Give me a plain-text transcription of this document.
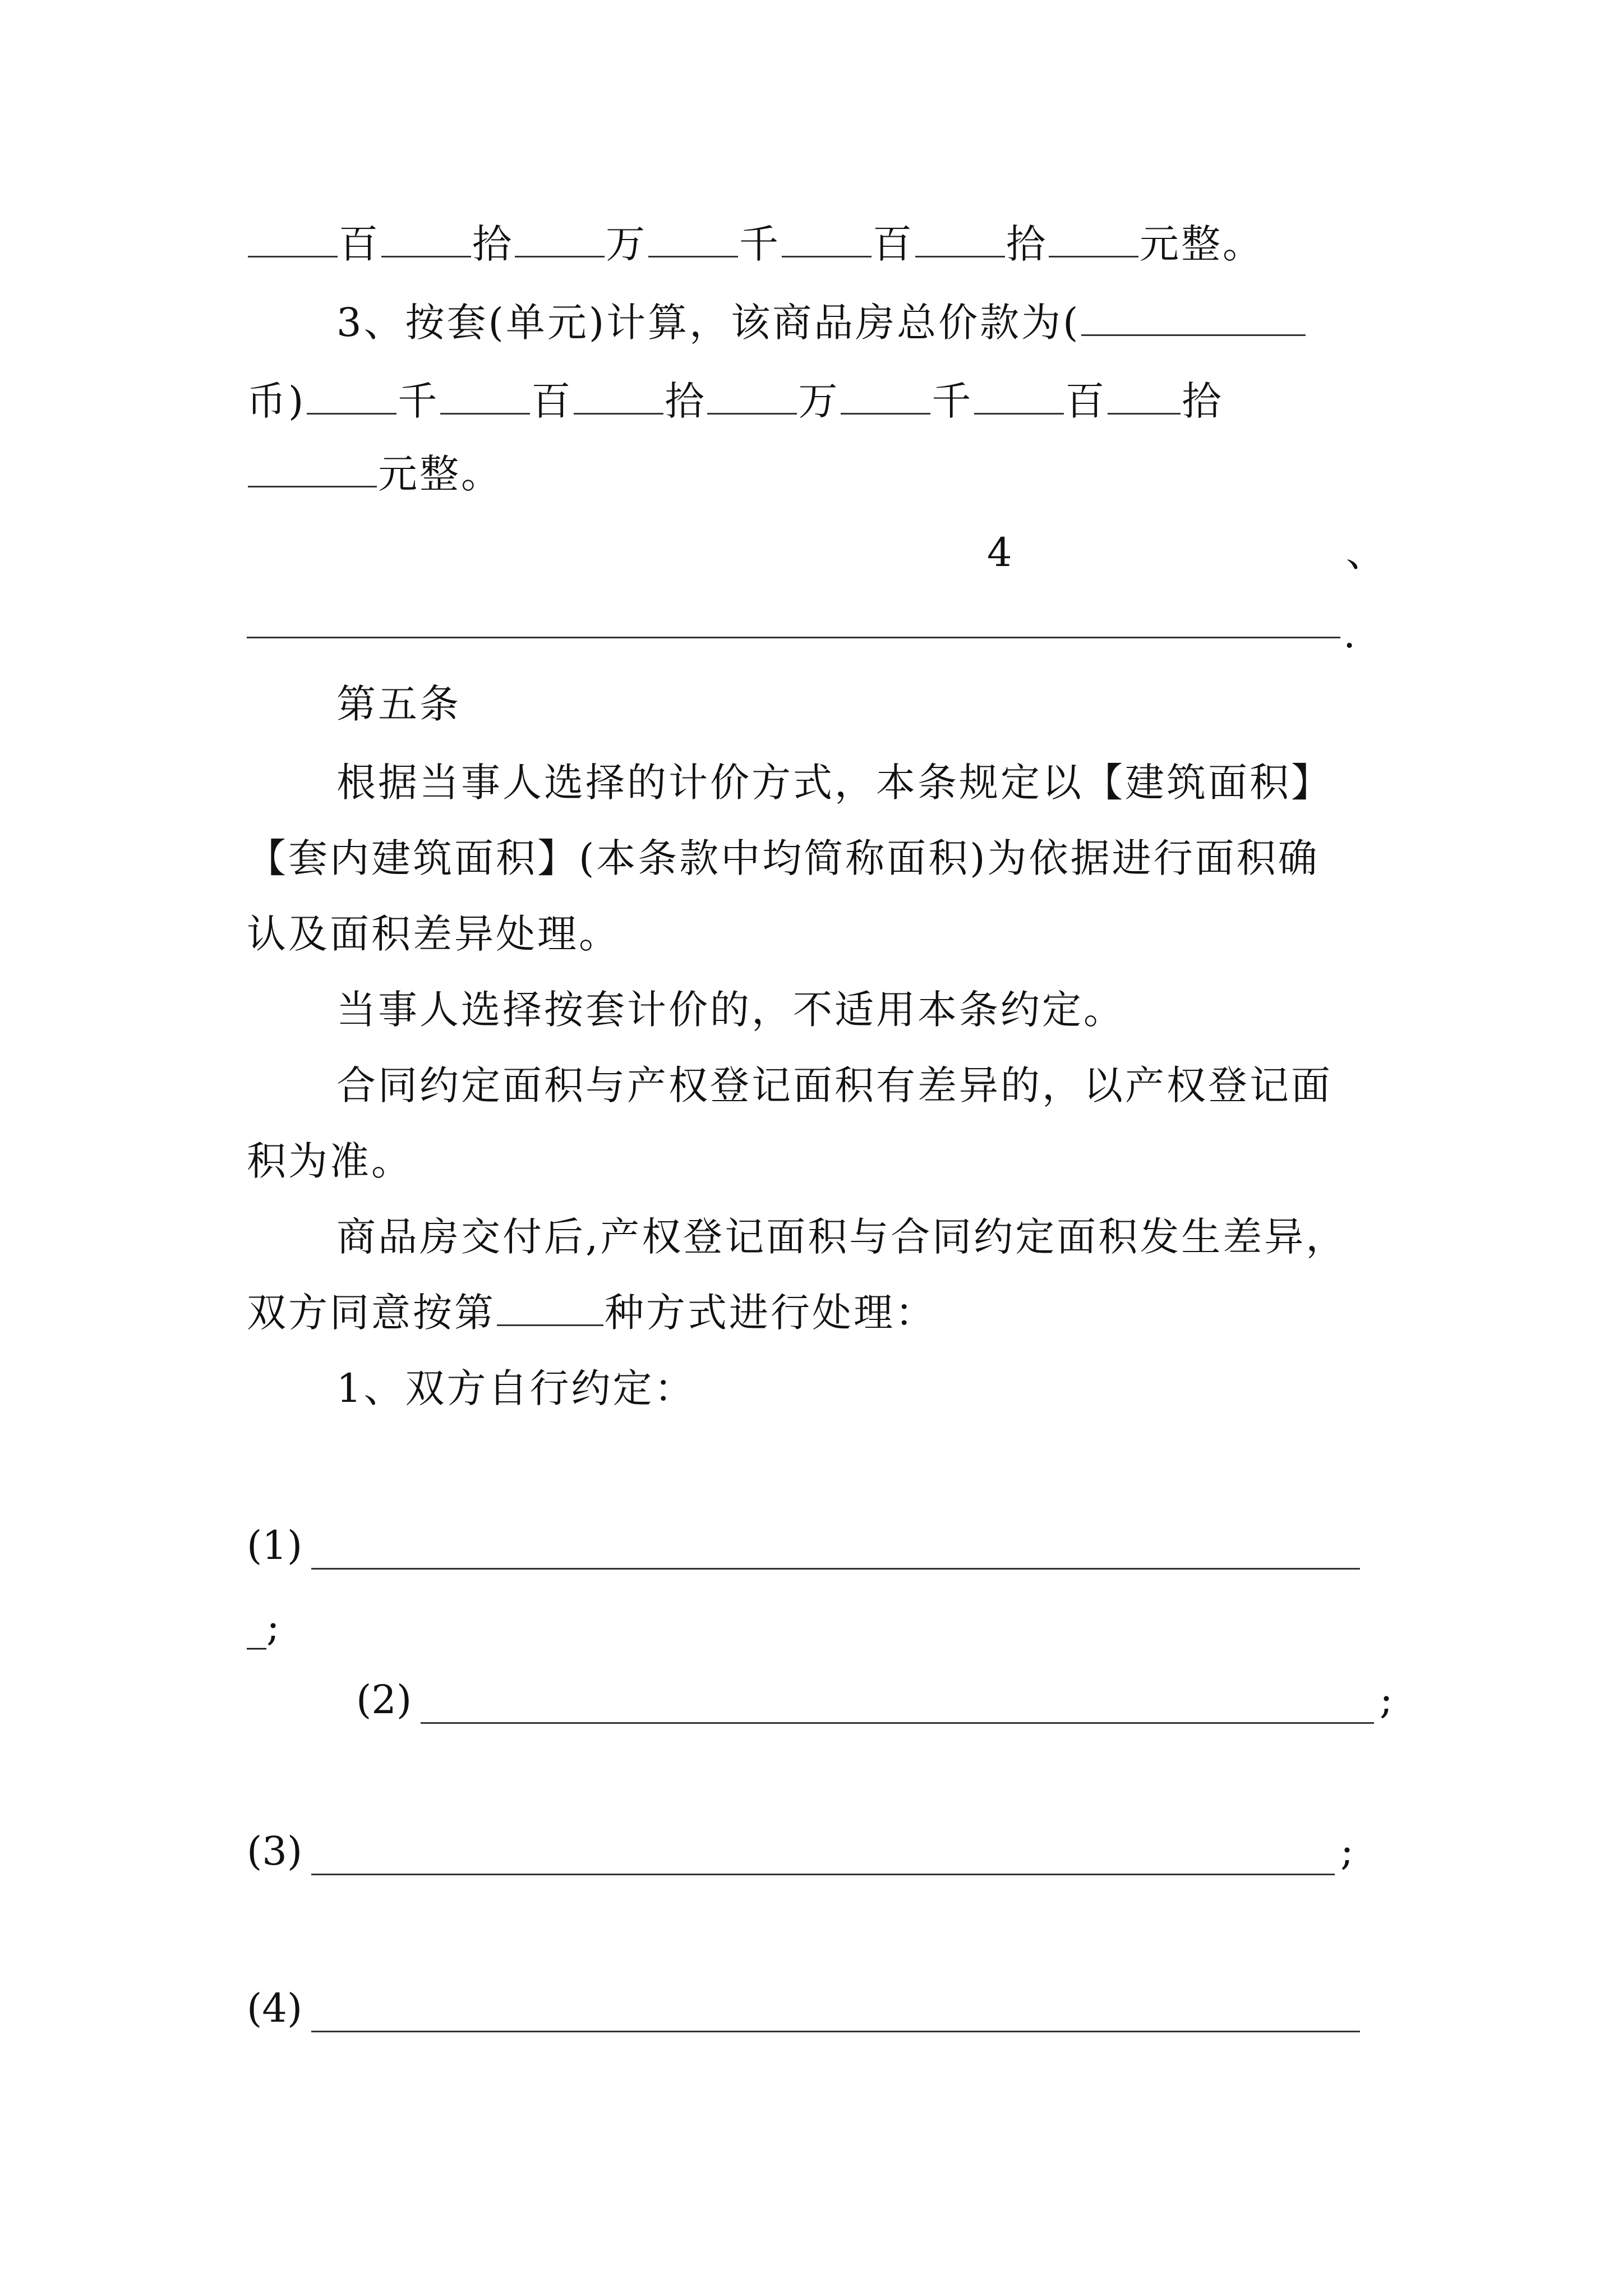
百 拾 万 千 百 拾 元整。
3、按套(单元)计算，该商品房总价款为(
币) 千 百 拾 万 千 百 拾
元整。
4	、
.
第五条
根据当事人选择的计价方式，本条规定以【建筑面积】
【套内建筑面积】(本条款中均简称面积)为依据进行面积确
认及面积差异处理。
当事人选择按套计价的，不适用本条约定。
合同约定面积与产权登记面积有差异的，以产权登记面
积为准。
商品房交付后,产权登记面积与合同约定面积发生差异，
双方同意按第	种方式进行处理：
1、双方自行约定：
(1)
_;
(2)	;
(3)	;
(4)
